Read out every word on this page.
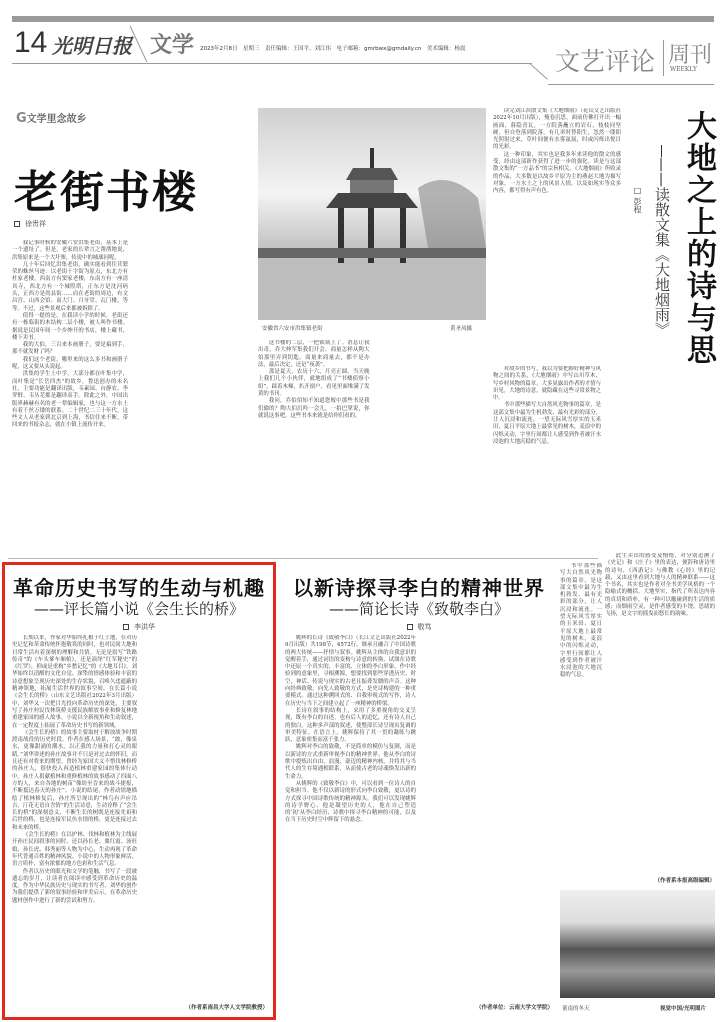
14 光明日报 文学 2023年2月8日　星期三　责任编辑：王国平、刘江伟　电子邮箱：gmrbwx@gmdaily.cn　美术编辑：杨震	文艺评论 周刊
WEEKLY
G文学里念故乡
老街书楼
徐贵祥

我记事时候的安徽六安洪集老街，基本上是一个遗址了。但是，老家的长辈言之凿凿地说，洪集原来是一个大圩寨，传说中的城廓同呢。

几十年后回忆洪集老街，确实能看到往昔繁荣的蛛丝马迹：以老街十字街为原点，东北方有杜家老楼，西南方有窦家老楼，东南方有一座清真寺，西北方有一个城隍塔，正东方是沈河码头，正西方是尚县街……而在老街的周边，有文昌宫、山西会馆、南大门、月牙堂、瓦门楼，等等。不过，这些景观后来都被拆除了。

值得一提的是，在我读小学的时候，老街还有一栋临街的木结构二层小楼，被人叫作书楼。据说是民国年间一个乡绅开的书店，楼上藏书，楼下卖书。

我的大伯，三百来本画册子，要是搞到手，那不就发财了吗？

我们这个老街，哪里来的这么多书和画册子呢，这又要从头说起。

洪集的学生上中学，大部分都在叶集中学，而叶集是“长岳四杰”的故乡，鲁迅创办的未名社，主要功能是翻译出版，韦素园、台静农、李霁野、韦丛芜都是翻译高手。除此之外，中国出版界赫赫有名的老一辈编辑家，也与这一方水土有着千丝万缕的联系。二十世纪二三十年代，这些文人从老家到北京到上海，书信往来不断，带回来的书报杂志，就在小镇上流传开来。

安徽省六安市洪集镇老街	黄圣凤摄

这书楼的二层，一把锁锁上了。消息让我出奇，乔大伸军集我们开会，商量怎样从陶大伯那里弄到钥匙。商量来商量去，都不是办法，最后决定，还是“夜袭”。

那是夏天，农历十六，月亮正圆。当天晚上我们几个小伙伴，就地组成了“书楼侦察小组”，踩着木梯，扒开窗户，看见里面堆满了发黄的书刊。

我问，乔伯伯知不知道您嫁中那些书是我们偷的？陶大伯沉吟一会儿，一拍巴掌说，你就说这事吧，这些书本来就是给你们看的。

读完刘江滨散文集《大地烟雨》（花山文艺出版社2022年10月出版），掩卷沉思，面前仿佛打开出一幅画面，暮隐青瓦，一方院落矗立的岩石，枝枝同坚硬，但自登落到院落，有几率时替阳生，忽然一缕阳光照射过来，草叶间便有水雾氤氲，时或闪烁出悦目的光彩。

这一种印象，其实也是我多年来读他的散文的感受，经由这部新作获得了进一步的强化。读是与这部散文集的“一方品书”的宗旨相关，《大地烟雨》所收录的作品，大多数是以故乡平原为主的燕赵大地为描写对象，一方水土之上的风景人情，以及如现实等众多内容，都写得有声有色。	大地之上的诗与思
——读散文集《大地烟雨》
□ 彭程

对故乡的书写，我以为要把握好精神与风物之间的关系，《大地烟雨》中写山川草木、写乡村风物的篇章，大多显露出作者的才情与识见。大地的诗意，就隐藏在这些寻常景物之中。

书中那些描写大自然风光物事的篇章，是这部文集中最为生机勃发、最有光彩的部分，让人沉浸和流连。一望无际风雪厚实的玉米田，夏日平原大地上最常见的树木，麦浪中的闪烁灵动，字里行间都让人感受到作者被汗水浸泡的大地沉稳的气息。

此生卖出的感受及懵惰，对分别追溯了《史记》和《庄子》里的表达，便辞和唐诗里的诗句，《西游记》与佛教《心经》里的记载，又由这里看到大地与人的精神联系——这个书名，其实也是作者对全书美学风格的一个隐喻式的概括。大地坚实，指代了所表达内容的真切和质朴，有一种可以触碰到的生活的质感；而烟雨空灵，是作者感受的丰饶、思绪的飞扬，是文字的摇曳而悠长的韵味。

（作者系本报高级编辑）
革命历史书写的生动与机趣
——评长篇小说《会生长的桥》
李洪华

长期以来，作家对华始终扎根于红土地，在对历史记忆和革命传统怀抱敬畏的同时，也对民间大地和日常生活有着深刻的理解和共情。无论是叙写“铁路传奇”的《车头爹车厢娘》，还是演绎“红军秘史”的《红罗》，抑或是重构“乡愁记忆”的《大地耳目》，刘华始终以清醒的文化自觉、深挚的情感体验和丰富的诗意想象呈现历史深处的生存状貌，召唤久违遮蔽的精神领地，拓展生活世界的叙事空间。在长篇小说《会生长的桥》（山东文艺出版社2022年3月出版）中，刘华又一次把目光投向革命历史的深处，主要叙写了孙庄村民伐林筑桥支援民族解放事业和修复林地重建家园的感人故事。小说以全新视角和生动叙述，在一定程度上拓展了革命历史书写的新领域。

《会生长的桥》的故事主要取材于解放战争时期渡南战役的历史时段。作者在感人场景，“敢，像泉水，更像甜涌的潮水，以正我的力量和打心灵的眼睛。”刘华讲述的孙庄故事并不只是对过去的怀旧，而且还有对将来的期望。曾经为家国大义不惜伐林修桥的孙庄人，很快投入再造植林重建家园的集体行动中。孙庄人捐献植林和重修植林的故事感动了四面八方的人，来自各地的树苗“像纷至沓来的战斗捷报，不断抵达春天的孙庄”。小说的结尾，作者动情地描绘了植林修复后，孙庄所呈现出的“林鸟有声应吊吉，汀花无语自含情”的生活诗意，生动诠释了“会生长的桥”的深刻意义，不断生长的树既是连接先祖和后世的桥，也是连接军民鱼水情的桥，更是连接过去和未来的桥。

《会生长的桥》在以护林、伐林和植林为主线展开孙庄民间叙事的同时，还以孙长老、粟红霞、汤旺娘、孙长虎、韩秀丽等人物为中心，生动再现了革命年代普通百姓的精神风貌。小说中的人物形象鲜活，语言质朴，富有浓郁的地方色彩和生活气息。

作者以历史的眼光和文学的笔触，书写了一段被遗忘的岁月，让读者在阅读中感受到革命历史的温度。作为中华民族历史与现实的书写者，刘华的创作为我们提供了新的叙事经验和审美启示，在革命历史题材创作中进行了新的尝试和努力。

（作者系南昌大学人文学院教授）
以新诗探寻李白的精神世界
——简论长诗《致敬李白》
敬笃

姚辉的长诗《致敬李白》（长江文艺出版社2022年9月出版）共198节，4572行，继承且融合了中国诗歌的两大传统——抒情与叙事。姚辉从主体的自我意识的觉醒着手，通过词语的变构与诗意的转换，试图在诗歌中还原一个真实的、丰富的、立体的李白形象。作中经验到的意象里，寻根溯源，想要找到那些穿透历史、时空、神话、传说与现实的古老且振聋发聩的声音。这种向经典致敬、向先人致敬的方式，是史诗构建的一种重要模式。通过这种溯回式的、自我审视式的写作，诗人在历史与当下之间建立起了一座精神的桥梁。

长诗在叙事的结构上，采用了多重视角的交叉呈现，既有李白的自述，也有后人的追忆，还有诗人自己的独白。这种多声部的叙述，使整部长诗呈现出复调的审美特征。在语言上，姚辉保持了其一贯的凝练与跳跃，意象密集而富于张力。

姚辉对李白的致敬，不是简单的模仿与复制，而是以新诗的方式重新审视李白的精神世界。他从李白的诗歌中提炼出自由、浪漫、豪迈的精神内核，并将其与当代人的生存境遇相联系，从而使古老的诗魂焕发出新的生命力。

从姚辉的《致敬李白》中，可以看到一位诗人的自觉和担当。他不仅以新诗的形式向李白致敬，更以诗的方式探寻中国诗歌传统的精神源头。我们可以发现姚辉的诗学野心，他是凝望历史的人，他在自己塑造的‘初’从李白经历、诗歌中探寻李白精神的可能，以及在当下历史时空中辉留下的悬念。

（作者单位：云南大学文学院）

书中那些描写大自然风光物事的篇章，是这部文集中最为生机勃发、最有光彩的部分，让人沉浸和流连。一望无际风雪厚实的玉米田，夏日平原大地上最常见的树木，麦浪中的闪烁灵动，字里行间都让人感受到作者被汗水浸泡的大地沉稳的气息。

董南的冬天	视觉中国/光明图片
